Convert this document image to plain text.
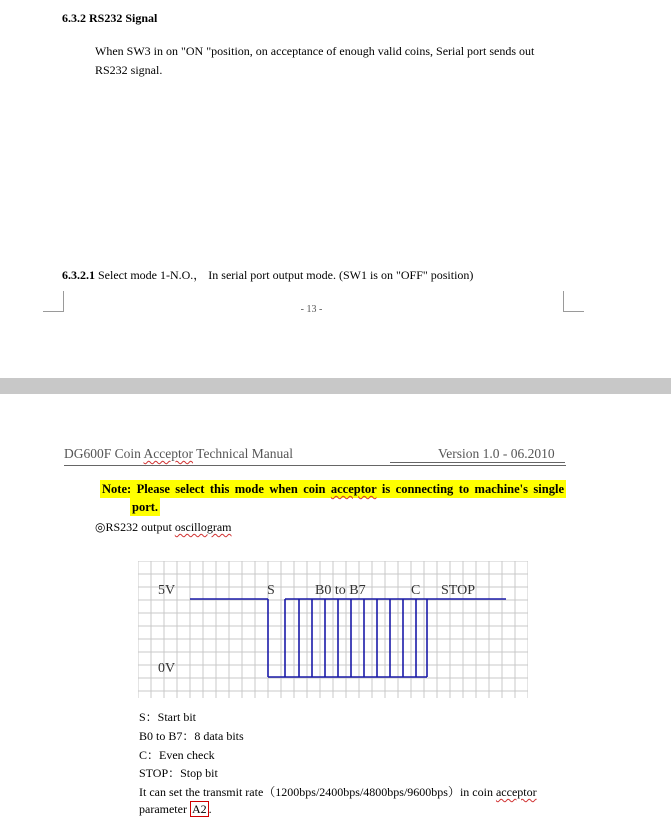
6.3.2 RS232 Signal
When SW3 in on "ON "position, on acceptance of enough valid coins, Serial port sends out
RS232 signal.
6.3.2.1 Select mode 1-N.O.， In serial port output mode. (SW1 is on "OFF" position)
- 13 -
DG600F Coin Acceptor Technical Manual	Version 1.0 - 06.2010
Note: Please select this mode when coin acceptor is connecting to machine's single
port.
◎RS232 output oscillogram
5V
0V
S	B0 to B7	C STOP
S：Start bit
B0 to B7：8 data bits
C：Even check
STOP：Stop bit
It can set the transmit rate（1200bps/2400bps/4800bps/9600bps）in coin acceptor
parameter A2 .
